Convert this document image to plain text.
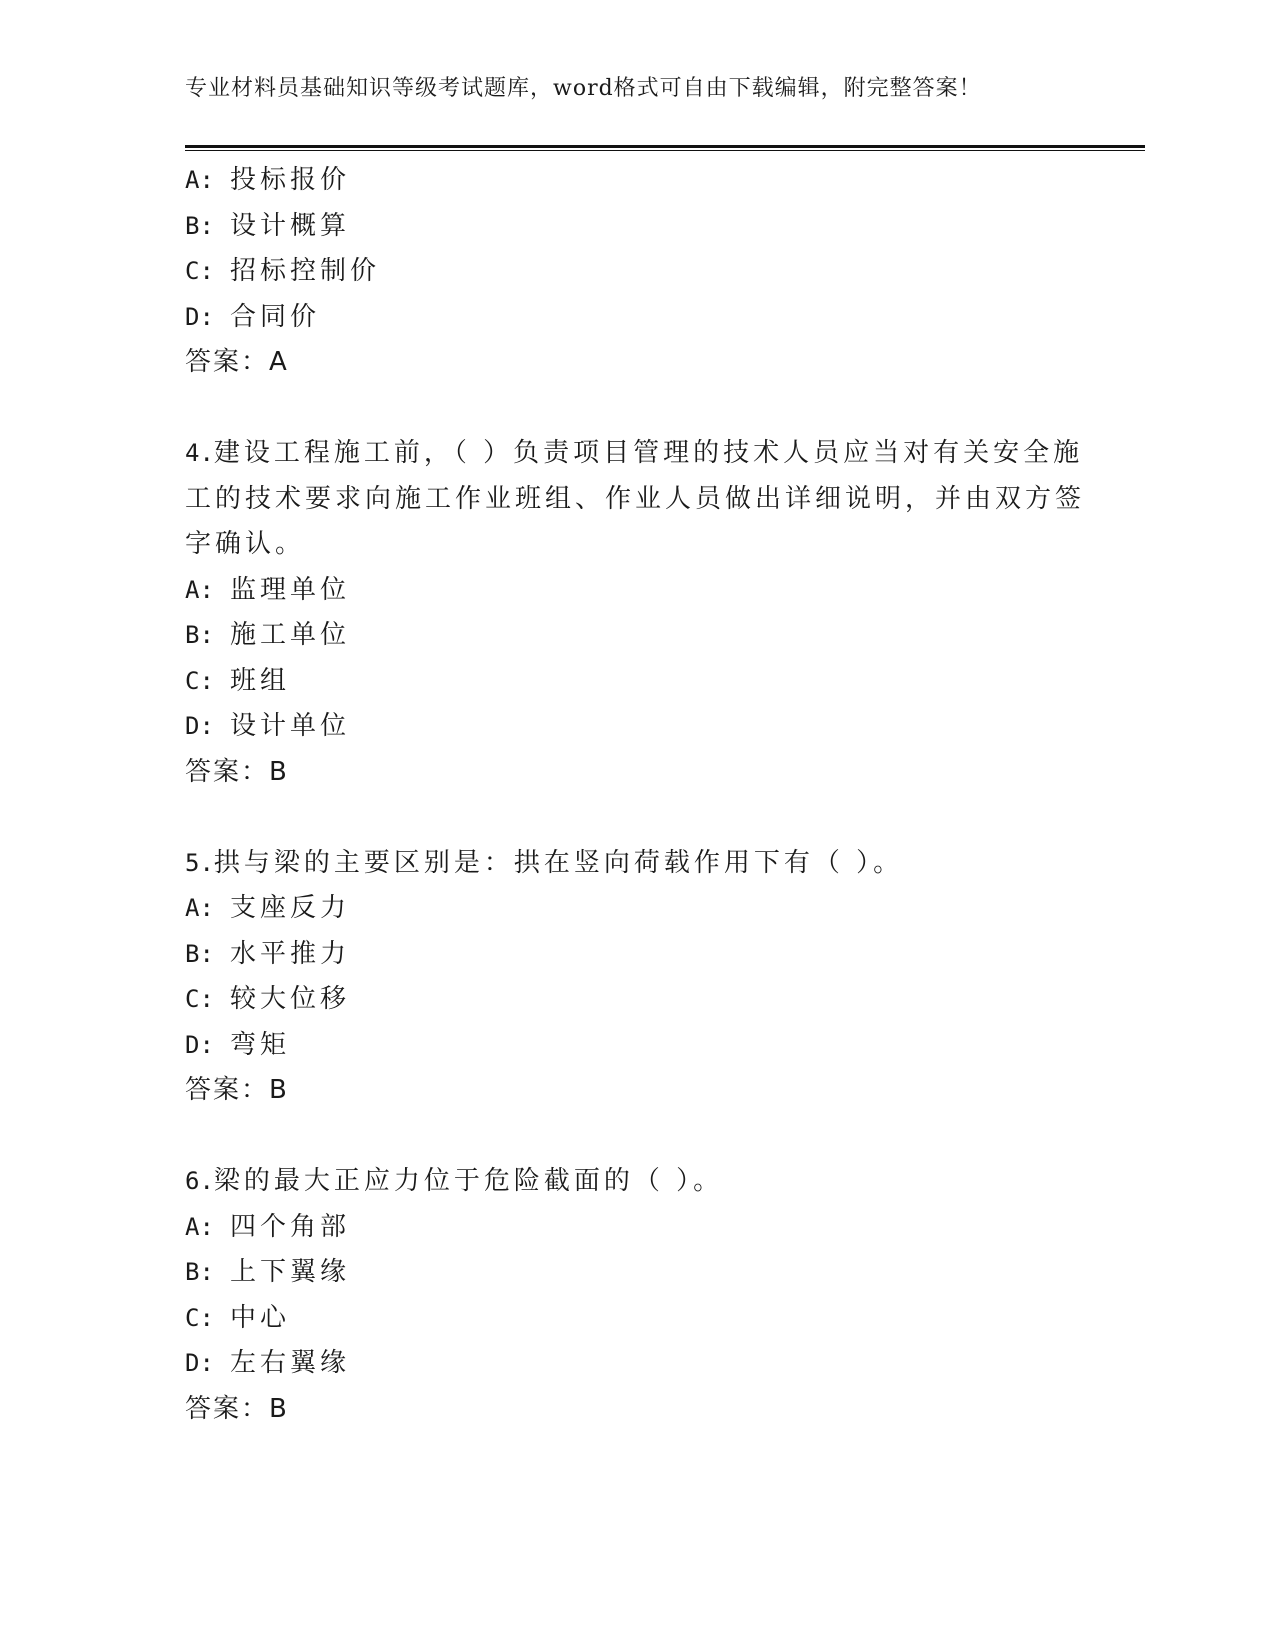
专业材料员基础知识等级考试题库，word格式可自由下载编辑，附完整答案！
A: 投标报价
B: 设计概算
C: 招标控制价
D: 合同价
答案：A
4.建设工程施工前，（ ）负责项目管理的技术人员应当对有关安全施
工的技术要求向施工作业班组、作业人员做出详细说明，并由双方签
字确认。
A: 监理单位
B: 施工单位
C: 班组
D: 设计单位
答案：B
5.拱与梁的主要区别是：拱在竖向荷载作用下有（ ）。
A: 支座反力
B: 水平推力
C: 较大位移
D: 弯矩
答案：B
6.梁的最大正应力位于危险截面的（ ）。
A: 四个角部
B: 上下翼缘
C: 中心
D: 左右翼缘
答案：B
